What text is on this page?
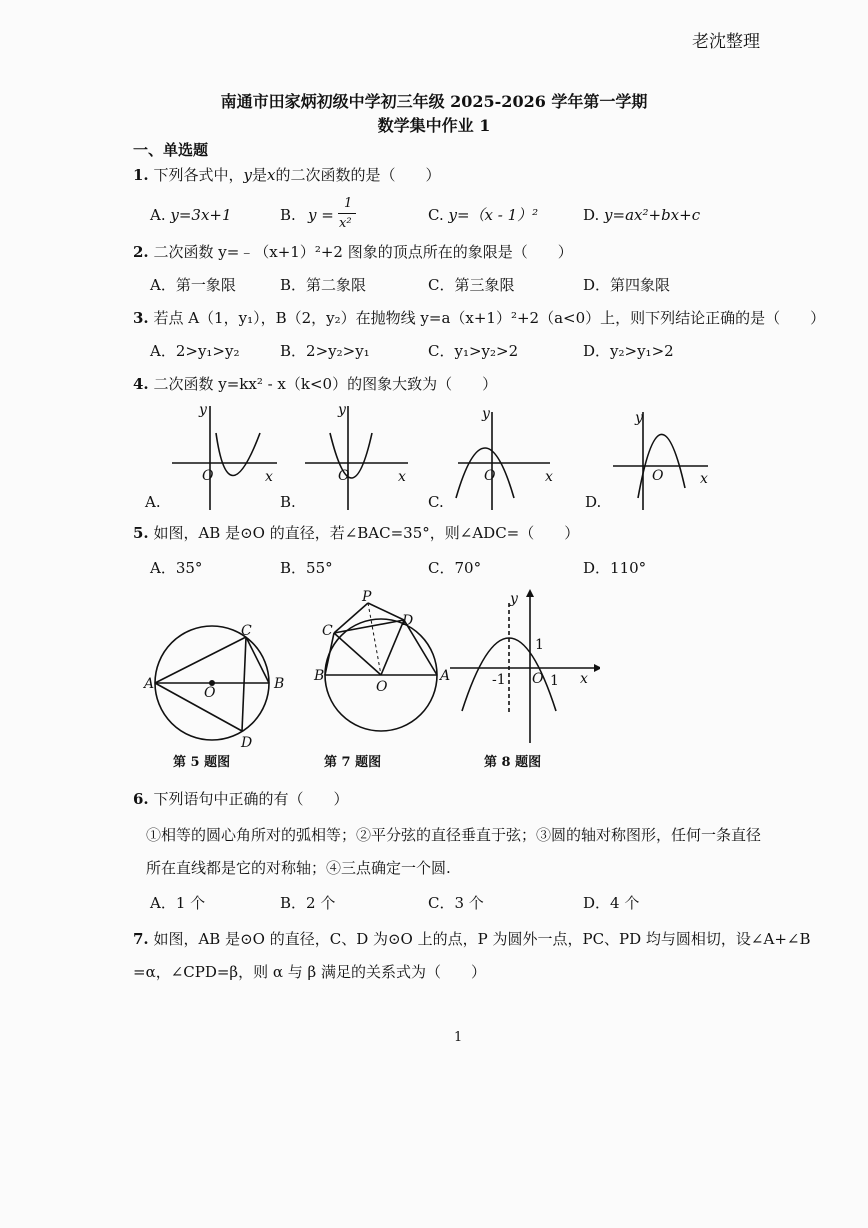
老沈整理
南通市田家炳初级中学初三年级 2025-2026 学年第一学期
数学集中作业 1
一、单选题
1. 下列各式中，y是x的二次函数的是（　　）
A. y=3x+1	B. y =
1
x²	C. y=（x - 1）²	D. y=ax²+bx+c
2. 二次函数 y=﹣（x+1）²+2 图象的顶点所在的象限是（　　）
A．第一象限	B．第二象限	C．第三象限	D．第四象限
3. 若点 A（1，y₁），B（2，y₂）在抛物线 y=a（x+1）²+2（a<0）上，则下列结论正确的是（　　）
A．2>y₁>y₂	B．2>y₂>y₁	C．y₁>y₂>2	D．y₂>y₁>2
4. 二次函数 y=kx² - x（k<0）的图象大致为（　　）
y
x
O
y
x
O
y
x
O
y
x
O
A.	B.	C.	D.
5. 如图，AB 是⊙O 的直径，若∠BAC=35°，则∠ADC=（　　）
A．35°	B．55°	C．70°	D．110°
A	B
C
D
O
P
C
D
B	A
O
y
x
1
-1 O 1
第 5 题图	第 7 题图	第 8 题图
6. 下列语句中正确的有（　　）
①相等的圆心角所对的弧相等；②平分弦的直径垂直于弦；③圆的轴对称图形，任何一条直径
所在直线都是它的对称轴；④三点确定一个圆.
A．1 个	B．2 个	C．3 个	D．4 个
7. 如图，AB 是⊙O 的直径，C、D 为⊙O 上的点，P 为圆外一点，PC、PD 均与圆相切，设∠A+∠B
=α，∠CPD=β，则 α 与 β 满足的关系式为（　　）
1
